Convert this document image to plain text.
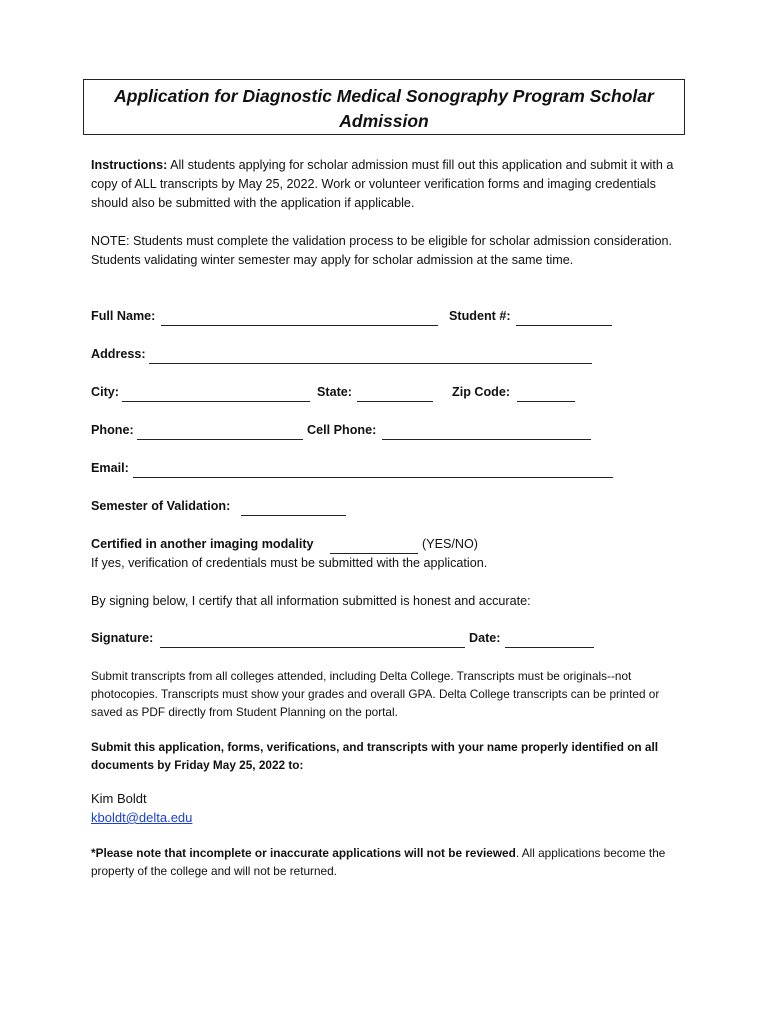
Application for Diagnostic Medical Sonography Program Scholar
Admission
Instructions: All students applying for scholar admission must fill out this application and submit it with a copy of ALL transcripts by May 25, 2022. Work or volunteer verification forms and imaging credentials should also be submitted with the application if applicable.
NOTE: Students must complete the validation process to be eligible for scholar admission consideration. Students validating winter semester may apply for scholar admission at the same time.
Full Name:	Student #:
Address:
City:	State:	Zip Code:
Phone:	Cell Phone:
Email:
Semester of Validation:
Certified in another imaging modality	(YES/NO)
If yes, verification of credentials must be submitted with the application.
By signing below, I certify that all information submitted is honest and accurate:
Signature:	Date:
Submit transcripts from all colleges attended, including Delta College. Transcripts must be originals--not photocopies. Transcripts must show your grades and overall GPA. Delta College transcripts can be printed or saved as PDF directly from Student Planning on the portal.
Submit this application, forms, verifications, and transcripts with your name properly identified on all documents by Friday May 25, 2022 to:
Kim Boldt
kboldt@delta.edu
*Please note that incomplete or inaccurate applications will not be reviewed. All applications become the property of the college and will not be returned.
